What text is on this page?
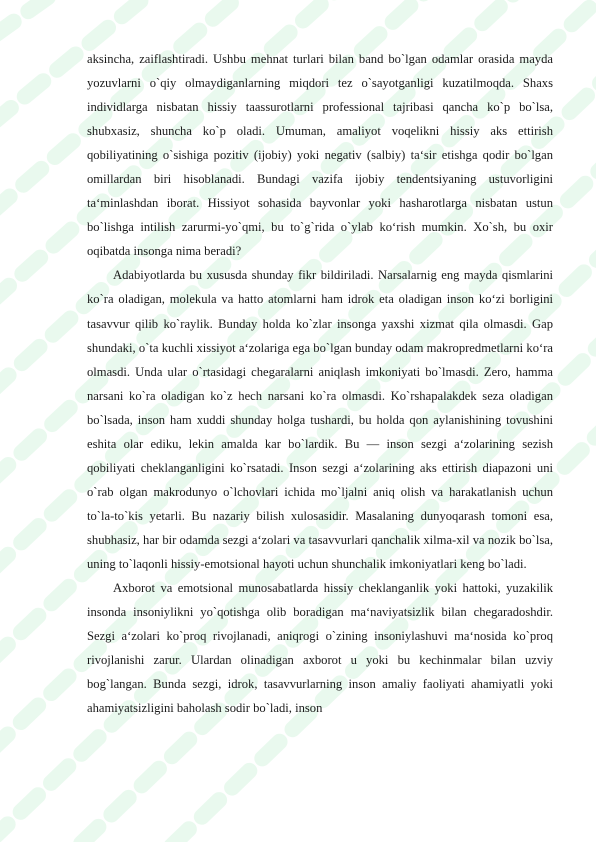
aksincha, zaiflashtiradi. Ushbu mehnat turlari bilan band bo`lgan odamlar orasida mayda yozuvlarni o`qiy olmaydiganlarning miqdori tez o`sayotganligi kuzatilmoqda. Shaxs individlarga nisbatan hissiy taassurotlarni professional tajribasi qancha ko`p bo`lsa, shubxasiz, shuncha ko`p oladi. Umuman, amaliyot voqelikni hissiy aks ettirish qobiliyatining o`sishiga pozitiv (ijobiy) yoki negativ (salbiy) ta‘sir etishga qodir bo`lgan omillardan biri hisoblanadi. Bundagi vazifa ijobiy tendentsiyaning ustuvorligini ta‘minlashdan iborat. Hissiyot sohasida bayvonlar yoki hasharotlarga nisbatan ustun bo`lishga intilish zarurmi-yo`qmi, bu to`g`rida o`ylab ko‘rish mumkin. Xo`sh, bu oxir oqibatda insonga nima beradi?

Adabiyotlarda bu xususda shunday fikr bildiriladi. Narsalarnig eng mayda qismlarini ko`ra oladigan, molekula va hatto atomlarni ham idrok eta oladigan inson ko‘zi borligini tasavvur qilib ko`raylik. Bunday holda ko`zlar insonga yaxshi xizmat qila olmasdi. Gap shundaki, o`ta kuchli xissiyot a‘zolariga ega bo`lgan bunday odam makropredmetlarni ko‘ra olmasdi. Unda ular o`rtasidagi chegaralarni aniqlash imkoniyati bo`lmasdi. Zero, hamma narsani ko`ra oladigan ko`z hech narsani ko`ra olmasdi. Ko`rshapalakdek seza oladigan bo`lsada, inson ham xuddi shunday holga tushardi, bu holda qon aylanishining tovushini eshita olar ediku, lekin amalda kar bo`lardik. Bu — inson sezgi a‘zolarining sezish qobiliyati cheklanganligini ko`rsatadi. Inson sezgi a‘zolarining aks ettirish diapazoni uni o`rab olgan makrodunyo o`lchovlari ichida mo`ljalni aniq olish va harakatlanish uchun to`la-to`kis yetarli. Bu nazariy bilish xulosasidir. Masalaning dunyoqarash tomoni esa, shubhasiz, har bir odamda sezgi a‘zolari va tasavvurlari qanchalik xilma-xil va nozik bo`lsa, uning to`laqonli hissiy-emotsional hayoti uchun shunchalik imkoniyatlari keng bo`ladi.

Axborot va emotsional munosabatlarda hissiy cheklanganlik yoki hattoki, yuzakilik insonda insoniylikni yo`qotishga olib boradigan ma‘naviyatsizlik bilan chegaradoshdir. Sezgi a‘zolari ko`proq rivojlanadi, aniqrogi o`zining insoniylashuvi ma‘nosida ko`proq rivojlanishi zarur. Ulardan olinadigan axborot u yoki bu kechinmalar bilan uzviy bog`langan. Bunda sezgi, idrok, tasavvurlarning inson amaliy faoliyati ahamiyatli yoki ahamiyatsizligini baholash sodir bo`ladi, inson
